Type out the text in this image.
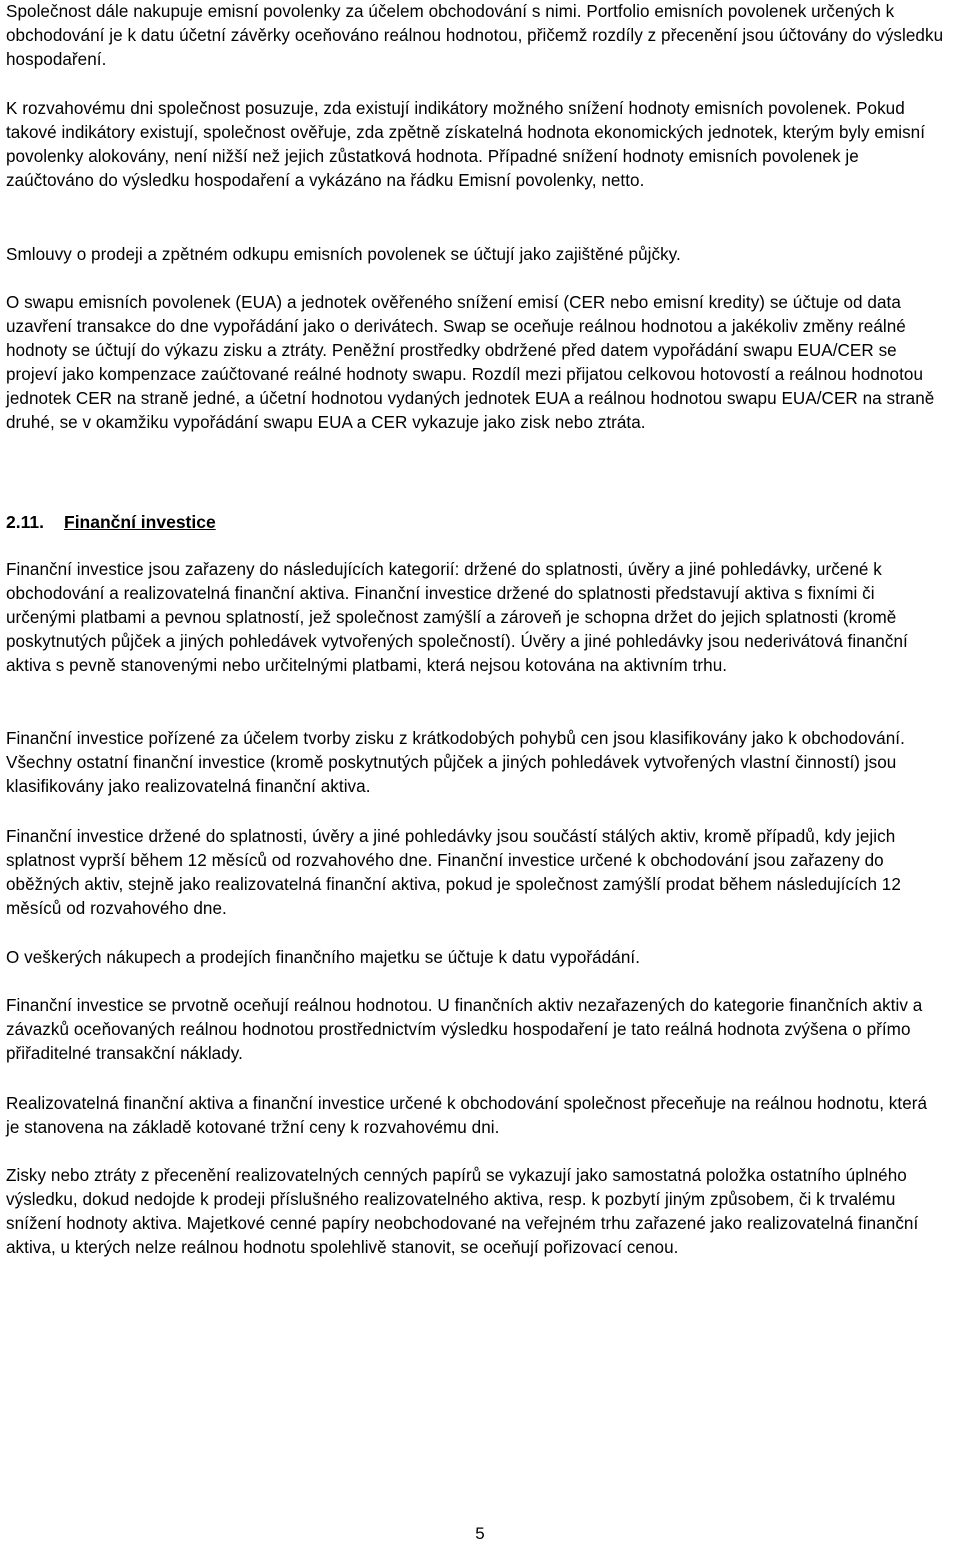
Společnost dále nakupuje emisní povolenky za účelem obchodování s nimi. Portfolio emisních povolenek určených k obchodování je k datu účetní závěrky oceňováno reálnou hodnotou, přičemž rozdíly z přecenění jsou účtovány do výsledku hospodaření.

K rozvahovému dni společnost posuzuje, zda existují indikátory možného snížení hodnoty emisních povolenek. Pokud takové indikátory existují, společnost ověřuje, zda zpětně získatelná hodnota ekonomických jednotek, kterým byly emisní povolenky alokovány, není nižší než jejich zůstatková hodnota. Případné snížení hodnoty emisních povolenek je zaúčtováno do výsledku hospodaření a vykázáno na řádku Emisní povolenky, netto.

Smlouvy o prodeji a zpětném odkupu emisních povolenek se účtují jako zajištěné půjčky.

O swapu emisních povolenek (EUA) a jednotek ověřeného snížení emisí (CER nebo emisní kredity) se účtuje od data uzavření transakce do dne vypořádání jako o derivátech. Swap se oceňuje reálnou hodnotou a jakékoliv změny reálné hodnoty se účtují do výkazu zisku a ztráty. Peněžní prostředky obdržené před datem vypořádání swapu EUA/CER se projeví jako kompenzace zaúčtované reálné hodnoty swapu. Rozdíl mezi přijatou celkovou hotovostí a reálnou hodnotou jednotek CER na straně jedné, a účetní hodnotou vydaných jednotek EUA a reálnou hodnotou swapu EUA/CER na straně druhé, se v okamžiku vypořádání swapu EUA a CER vykazuje jako zisk nebo ztráta.

2.11. Finanční investice

Finanční investice jsou zařazeny do následujících kategorií: držené do splatnosti, úvěry a jiné pohledávky, určené k obchodování a realizovatelná finanční aktiva. Finanční investice držené do splatnosti představují aktiva s fixními či určenými platbami a pevnou splatností, jež společnost zamýšlí a zároveň je schopna držet do jejich splatnosti (kromě poskytnutých půjček a jiných pohledávek vytvořených společností). Úvěry a jiné pohledávky jsou nederivátová finanční aktiva s pevně stanovenými nebo určitelnými platbami, která nejsou kotována na aktivním trhu.

Finanční investice pořízené za účelem tvorby zisku z krátkodobých pohybů cen jsou klasifikovány jako k obchodování. Všechny ostatní finanční investice (kromě poskytnutých půjček a jiných pohledávek vytvořených vlastní činností) jsou klasifikovány jako realizovatelná finanční aktiva.

Finanční investice držené do splatnosti, úvěry a jiné pohledávky jsou součástí stálých aktiv, kromě případů, kdy jejich splatnost vyprší během 12 měsíců od rozvahového dne. Finanční investice určené k obchodování jsou zařazeny do oběžných aktiv, stejně jako realizovatelná finanční aktiva, pokud je společnost zamýšlí prodat během následujících 12 měsíců od rozvahového dne.

O veškerých nákupech a prodejích finančního majetku se účtuje k datu vypořádání.

Finanční investice se prvotně oceňují reálnou hodnotou. U finančních aktiv nezařazených do kategorie finančních aktiv a závazků oceňovaných reálnou hodnotou prostřednictvím výsledku hospodaření je tato reálná hodnota zvýšena o přímo přiřaditelné transakční náklady.

Realizovatelná finanční aktiva a finanční investice určené k obchodování společnost přeceňuje na reálnou hodnotu, která je stanovena na základě kotované tržní ceny k rozvahovému dni.

Zisky nebo ztráty z přecenění realizovatelných cenných papírů se vykazují jako samostatná položka ostatního úplného výsledku, dokud nedojde k prodeji příslušného realizovatelného aktiva, resp. k pozbytí jiným způsobem, či k trvalému snížení hodnoty aktiva. Majetkové cenné papíry neobchodované na veřejném trhu zařazené jako realizovatelná finanční aktiva, u kterých nelze reálnou hodnotu spolehlivě stanovit, se oceňují pořizovací cenou.

5
